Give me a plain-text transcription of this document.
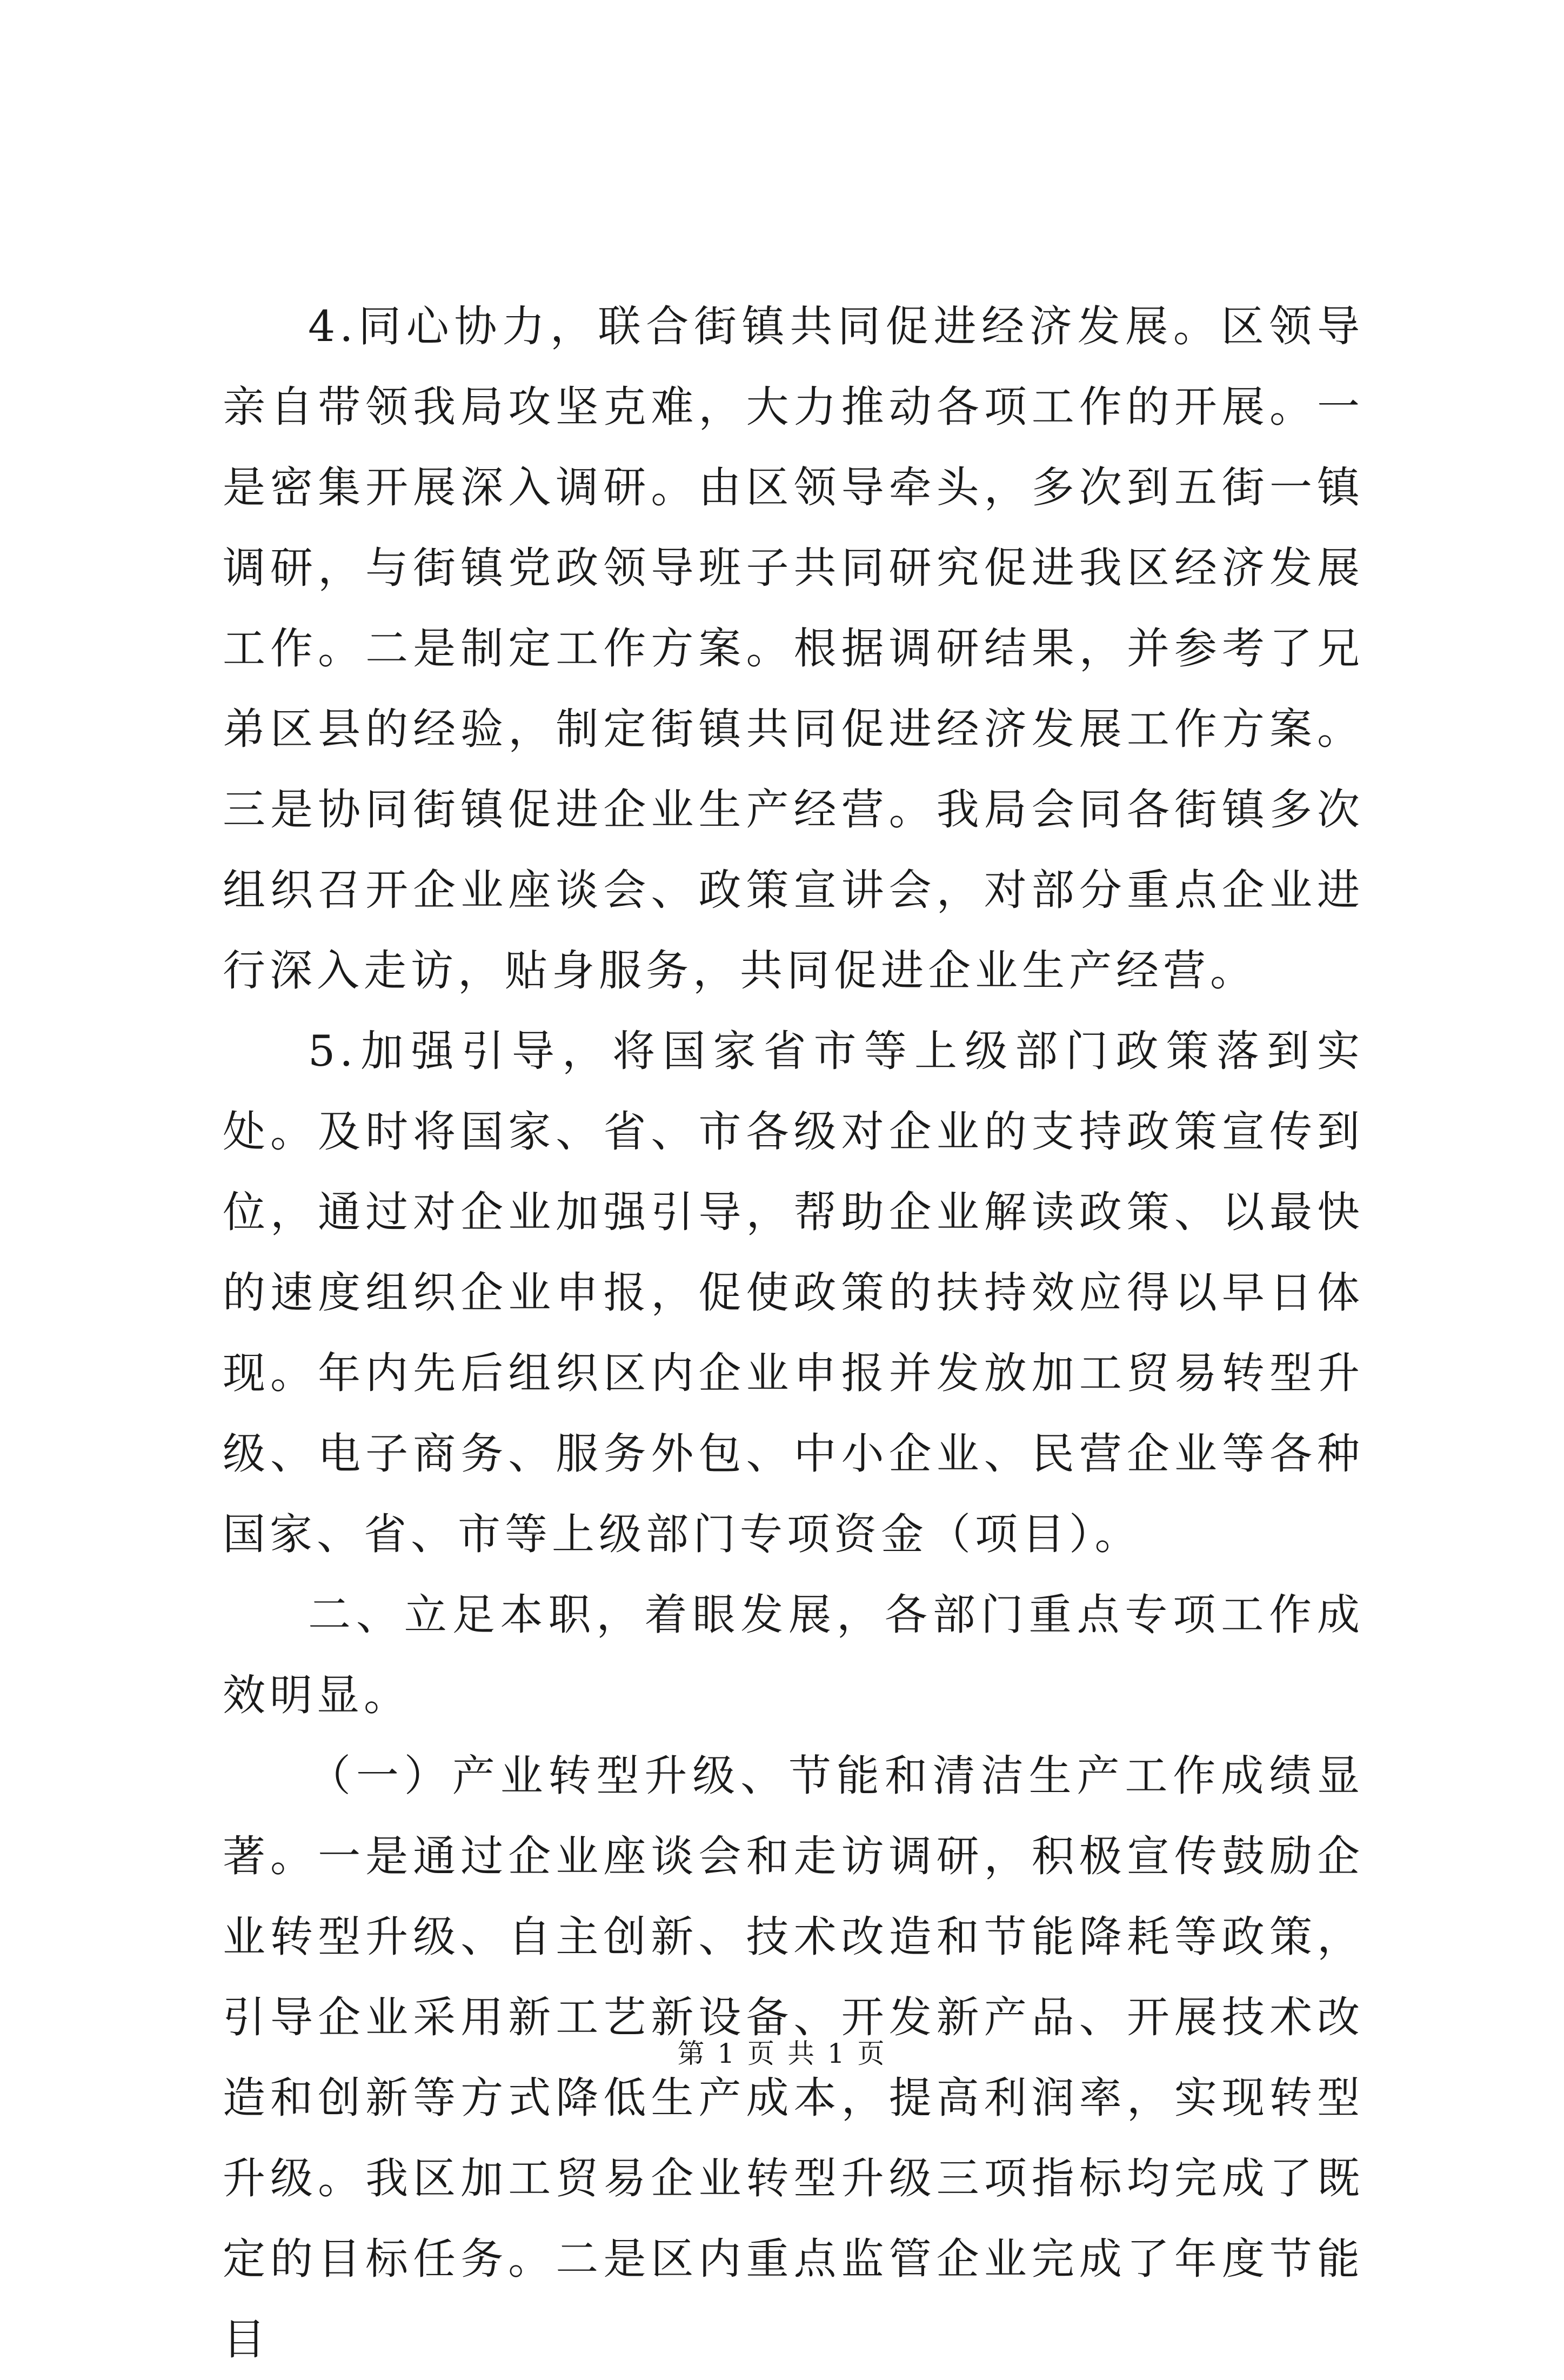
4.同心协力，联合街镇共同促进经济发展。区领导亲自带领我局攻坚克难，大力推动各项工作的开展。一是密集开展深入调研。由区领导牵头，多次到五街一镇调研，与街镇党政领导班子共同研究促进我区经济发展工作。二是制定工作方案。根据调研结果，并参考了兄弟区县的经验，制定街镇共同促进经济发展工作方案。三是协同街镇促进企业生产经营。我局会同各街镇多次组织召开企业座谈会、政策宣讲会，对部分重点企业进行深入走访，贴身服务，共同促进企业生产经营。

5.加强引导，将国家省市等上级部门政策落到实处。及时将国家、省、市各级对企业的支持政策宣传到位，通过对企业加强引导，帮助企业解读政策、以最快的速度组织企业申报，促使政策的扶持效应得以早日体现。年内先后组织区内企业申报并发放加工贸易转型升级、电子商务、服务外包、中小企业、民营企业等各种国家、省、市等上级部门专项资金（项目）。

二、立足本职，着眼发展，各部门重点专项工作成效明显。

（一）产业转型升级、节能和清洁生产工作成绩显著。一是通过企业座谈会和走访调研，积极宣传鼓励企业转型升级、自主创新、技术改造和节能降耗等政策，引导企业采用新工艺新设备、开发新产品、开展技术改造和创新等方式降低生产成本，提高利润率，实现转型升级。我区加工贸易企业转型升级三项指标均完成了既定的目标任务。二是区内重点监管企业完成了年度节能目

第 1 页 共 1 页
